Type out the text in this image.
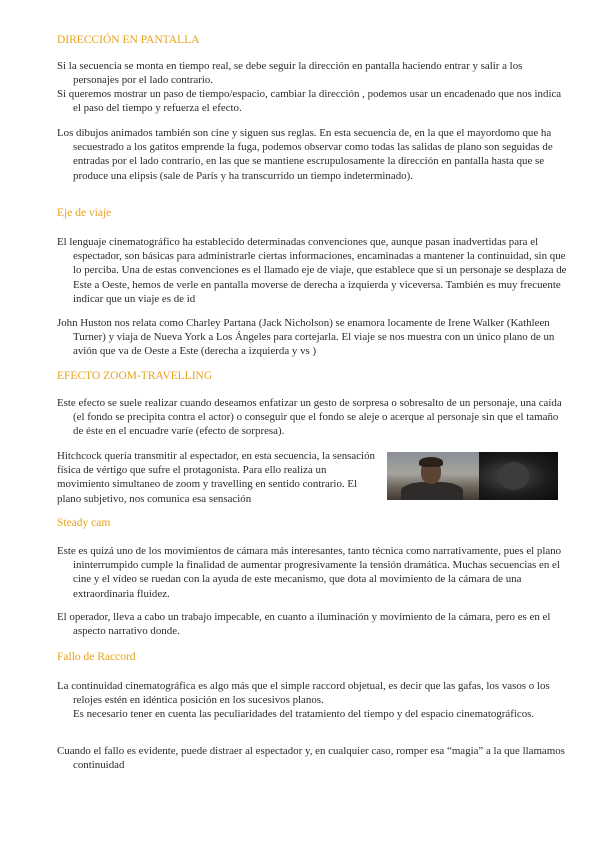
DIRECCIÓN EN PANTALLA

Si la secuencia se monta en tiempo real, se debe seguir la dirección en pantalla haciendo entrar y salir a los personajes por el lado contrario.

Si queremos mostrar un paso de tiempo/espacio, cambiar la dirección , podemos usar un encadenado que nos indica el paso del tiempo y refuerza el efecto.

Los dibujos animados también son cine y siguen sus reglas. En esta secuencia de, en la que el mayordomo que ha secuestrado a los gatitos emprende la fuga, podemos observar como todas las salidas de plano son seguidas de entradas por el lado contrario, en las que se mantiene escrupulosamente la dirección en pantalla hasta que se produce una elipsis (sale de París y ha transcurrido un tiempo indeterminado).

Eje de viaje

El lenguaje cinematográfico ha establecido determinadas convenciones que, aunque pasan inadvertidas para el espectador, son básicas para administrarle ciertas informaciones, encaminadas a mantener la continuidad, sin que lo perciba. Una de estas convenciones es el llamado eje de viaje, que establece que si un personaje se desplaza de Este a Oeste, hemos de verle en pantalla moverse de derecha a izquierda y viceversa. También es muy frecuente indicar que un viaje es de id

John Huston nos relata como Charley Partana (Jack Nicholson) se enamora locamente de Irene Walker (Kathleen Turner) y viaja de Nueva York a Los Ángeles para cortejarla. El viaje se nos muestra con un único plano de un avión que va de Oeste a Este (derecha a izquierda y vs )

EFECTO ZOOM-TRAVELLING

Este efecto se suele realizar cuando deseamos enfatizar un gesto de sorpresa o sobresalto de un personaje, una caída (el fondo se precipita contra el actor) o conseguir que el fondo se aleje o acerque al personaje sin que el tamaño de éste en el encuadre varíe (efecto de sorpresa).

Hitchcock quería transmitir al espectador, en esta secuencia, la sensación física de vértigo que sufre el protagonista. Para ello realiza un movimiento simultaneo de zoom y travelling en sentido contrario. El plano subjetivo, nos comunica esa sensación

Steady cam

Este es quizá uno de los movimientos de cámara más interesantes, tanto técnica como narrativamente, pues el plano ininterrumpido cumple la finalidad de aumentar progresivamente la tensión dramática. Muchas secuencias en el cine y el vídeo se ruedan con la ayuda de este mecanismo, que dota al movimiento de la cámara de una extraordinaria fluidez.

El operador, lleva a cabo un trabajo impecable, en cuanto a iluminación y movimiento de la cámara, pero es en el aspecto narrativo donde.

Fallo de Raccord

La continuidad cinematográfica es algo más que el simple raccord objetual, es decir que las gafas, los vasos o los relojes estén en idéntica posición en los sucesivos planos.
Es necesario tener en cuenta las peculiaridades del tratamiento del tiempo y del espacio cinematográficos.

Cuando el fallo es evidente, puede distraer al espectador y, en cualquier caso, romper esa “magia” a la que llamamos continuidad
